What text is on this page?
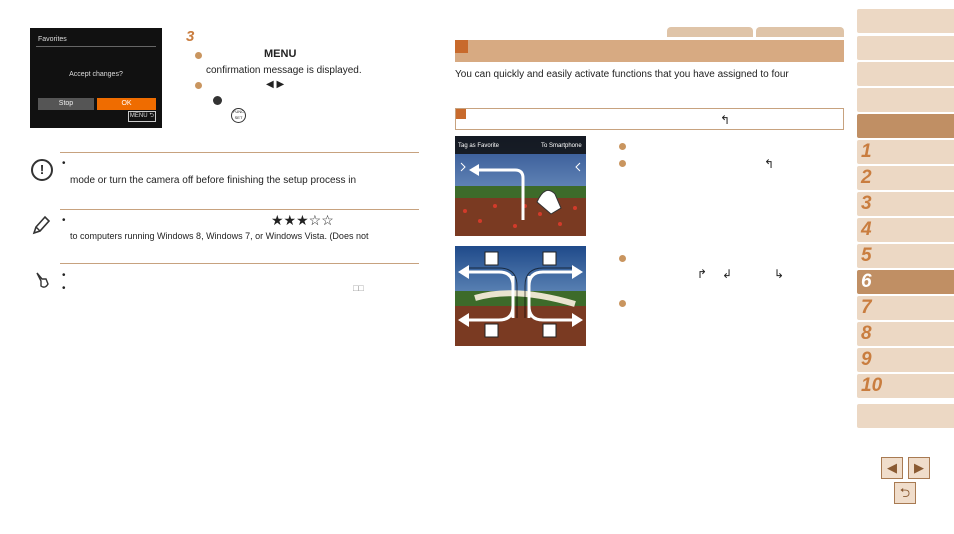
Favorites
Accept changes?
Stop	OK
MENU ⮌
3
MENU
confirmation message is displayed.
◀ ▶
FUNC SET
!	•
mode or turn the camera off before finishing the setup process in
•	★★★☆☆
to computers running Windows 8, Windows 7, or Windows Vista. (Does not
•
•	□□
You can quickly and easily activate functions that you have assigned to four
↰
Tag as Favorite	To Smartphone
↰
↱ ↲	↳
1
2
3
4
5
6
7
8
9
10
◀	▶
⮌
